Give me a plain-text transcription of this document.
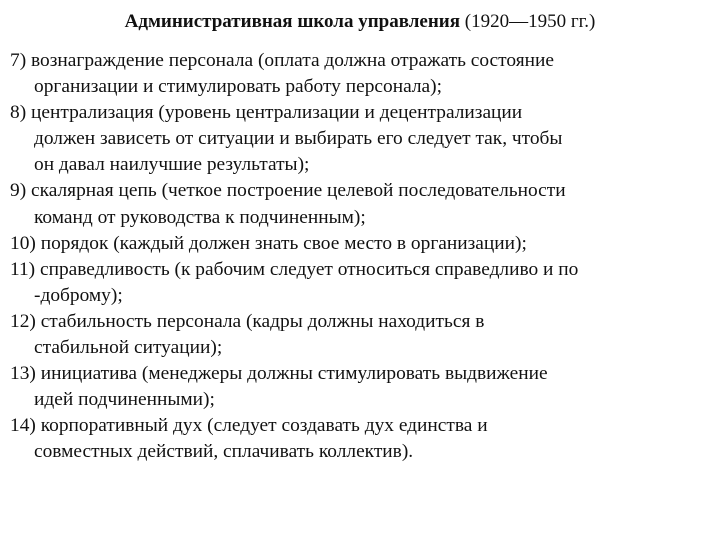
Административная школа управления (1920—1950 гг.)
7) вознаграждение персонала (оплата должна отражать состояние
организации и стимулировать работу персонала);
8) централизация (уровень централизации и децентрализации
должен зависеть от ситуации и выбирать его следует так, чтобы
он давал наилучшие результаты);
9) скалярная цепь (четкое построение целевой последовательности
команд от руководства к подчиненным);
10) порядок (каждый должен знать свое место в организации);
11) справедливость (к рабочим следует относиться справедливо и по
-доброму);
12) стабильность персонала (кадры должны находиться в
стабильной ситуации);
13) инициатива (менеджеры должны стимулировать выдвижение
идей подчиненными);
14) корпоративный дух (следует создавать дух единства и
совместных действий, сплачивать коллектив).
